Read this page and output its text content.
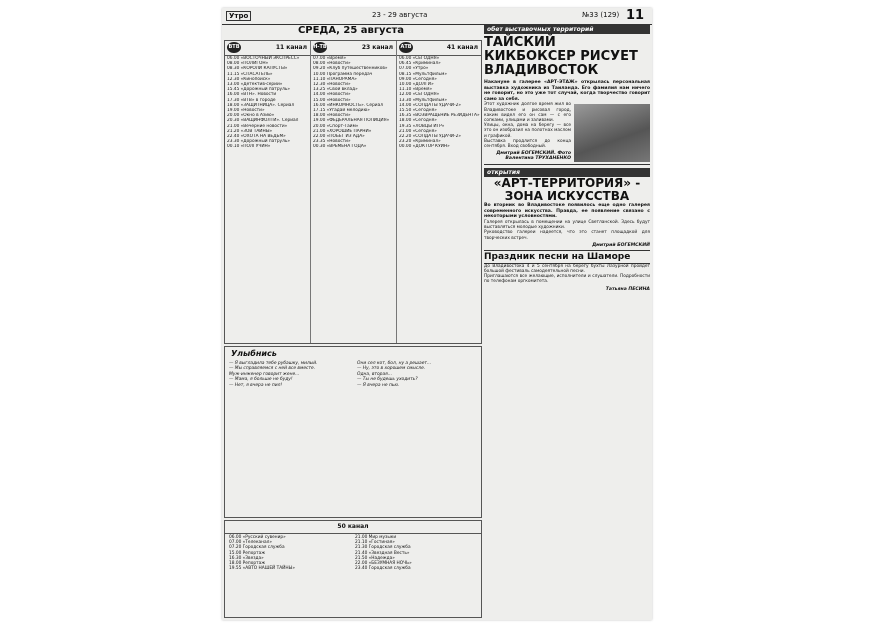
Утро	23 - 29 августа	№33 (129) 11
СРЕДА, 25 августа
ВТВ	11 канал
06.00 «ВОСТОЧНЫЙ ЭКСПРЕСС»
08.00 «ПОЛИГОН»
08.30 «КОРОЛИ КАПУСТЫ»
11.15 «СПАСАТЕЛЬ»
12.30 «Кинопоиск»
13.00 «Детектив-серии»
15.45 «Дорожный патруль»
16.00 «ВТН». Новости
17.30 «ВТВ» в городе
18.00 «ЗАЩИТНИЦА». Сериал
19.00 «Новости»
20.00 «Окно в Азию»
20.30 «ВАЩИНФОЛТИ». Сериал
21.00 «Вечерние новости»
21.20 «ЗОВ ТАЙНЫ»
22.40 «ОХОТА НА ВЕДЬМ»
23.30 «Дорожный патруль»
00.10 «ПОЛГУЧИН»
Н-ТВ	23 канал
07.00 «Время»
08.00 «Новости»
09.20 «Клуб путешественников»
10.00 Программа передач
11.10 «ПАНОРАМА»
12.30 «Новости»
13.25 «Свой вклад»
14.00 «Новости»
15.00 «Новости»
16.00 «ИНКОМНОСТЬ». Сериал
17.15 «Угадай мелодию»
18.00 «Новости»
19.00 «ФЕДЕРАЛЬНАЯ ПОЛИЦИЯ»
20.00 «Спорт-Тайм»
21.00 «ХОРОШИЕ ПАРНИ»
22.00 «ПОБЕГ ИЗ АДА»
23.35 «Новости»
00.30 «ВРЕМЕНА ГОДА»
АТВ	41 канал
06.00 «СЕГОДНЯ»
06.45 «Криминал»
07.00 «Утро»
08.15 «Мультфильм»
09.00 «Сегодня»
10.00 «ДОЛГИ»
11.10 «Время»
12.00 «СЕГОДНЯ»
13.30 «Мультфильм»
14.00 «СОЛДАТЫ УДАЧИ-2»
15.50 «Сегодня»
16.35 «ВОЗВРАЩЕНИЕ РЕЗИДЕНТА»
18.00 «Сегодня»
19.35 «ЛОВЦЫ ИГР»
21.00 «Сегодня»
22.20 «СОЛДАТЫ УДАЧИ-2»
23.20 «Криминал»
00.00 «ДОКТОР КУИН»
Улыбнись
— Я выгладила тебе рубашку, милый.
— Мы справляемся с ней все вместе.
Муж-инженер говорит жене...
— Мама, я больше не буду!
— Нет, я вчера не пил!
Они сел кот, бол, ну а решает...
— Ну, это в хорошем смысле.
Одна, вторая...
— Ты не будешь уходить?
— Я вчера не пью.
50 канал
06.00 «Русский сувенир»
07.00 «Телеканал»
07.20 Городская служба
15.00 Репортаж
16.30 «Звезда»
18.00 Репортаж
19.55 «АВТО НАШЕЙ ТАЙНЫ»
21.00 Мир музыки
21.10 «Гостиная»
21.30 Городская служба
21.40 «Звездная Весть»
21.50 «Надежда»
22.00 «БЕЗУМНАЯ НОЧЬ»
23.40 Городская служба
обет выставочных территорий
ТАЙСКИЙ КИКБОКСЕР РИСУЕТ ВЛАДИВОСТОК
Накануне в галерее «АРТ-ЭТАЖ» открылась персональная выставка художника из Таиланда. Его фамилия нам ничего не говорит, но это уже тот случай, когда творчество говорит само за себя.
Этот художник долгое время жил во Владивостоке и рисовал город, каким видел его он сам — с его сопками, улицами и заливами.
Улицы, окна, дома на берегу — все это он изобразил на полотнах маслом и графикой.
Выставка продлится до конца сентября. Вход свободный.
Дмитрий БОГЕМСКИЙ. Фото Валентина ТРУХАНЕНКО
открытия
«АРТ-ТЕРРИТОРИЯ» - ЗОНА ИСКУССТВА
Во вторник во Владивостоке появилось еще одно галерея современного искусства. Правда, ее появление связано с некоторыми условностями.
Галерея открылась в помещении на улице Светланской. Здесь будут выставляться молодые художники.
Руководство галереи надеется, что это станет площадкой для творческих встреч.
Дмитрий БОГЕМСКИЙ
Праздник песни на Шаморе
До Владивостока 4 и 5 сентября на берегу бухты Лазурной пройдет большой фестиваль самодеятельной песни.
Приглашаются все желающие, исполнители и слушатели. Подробности по телефонам оргкомитета.
Татьяна ПЕСИНА
